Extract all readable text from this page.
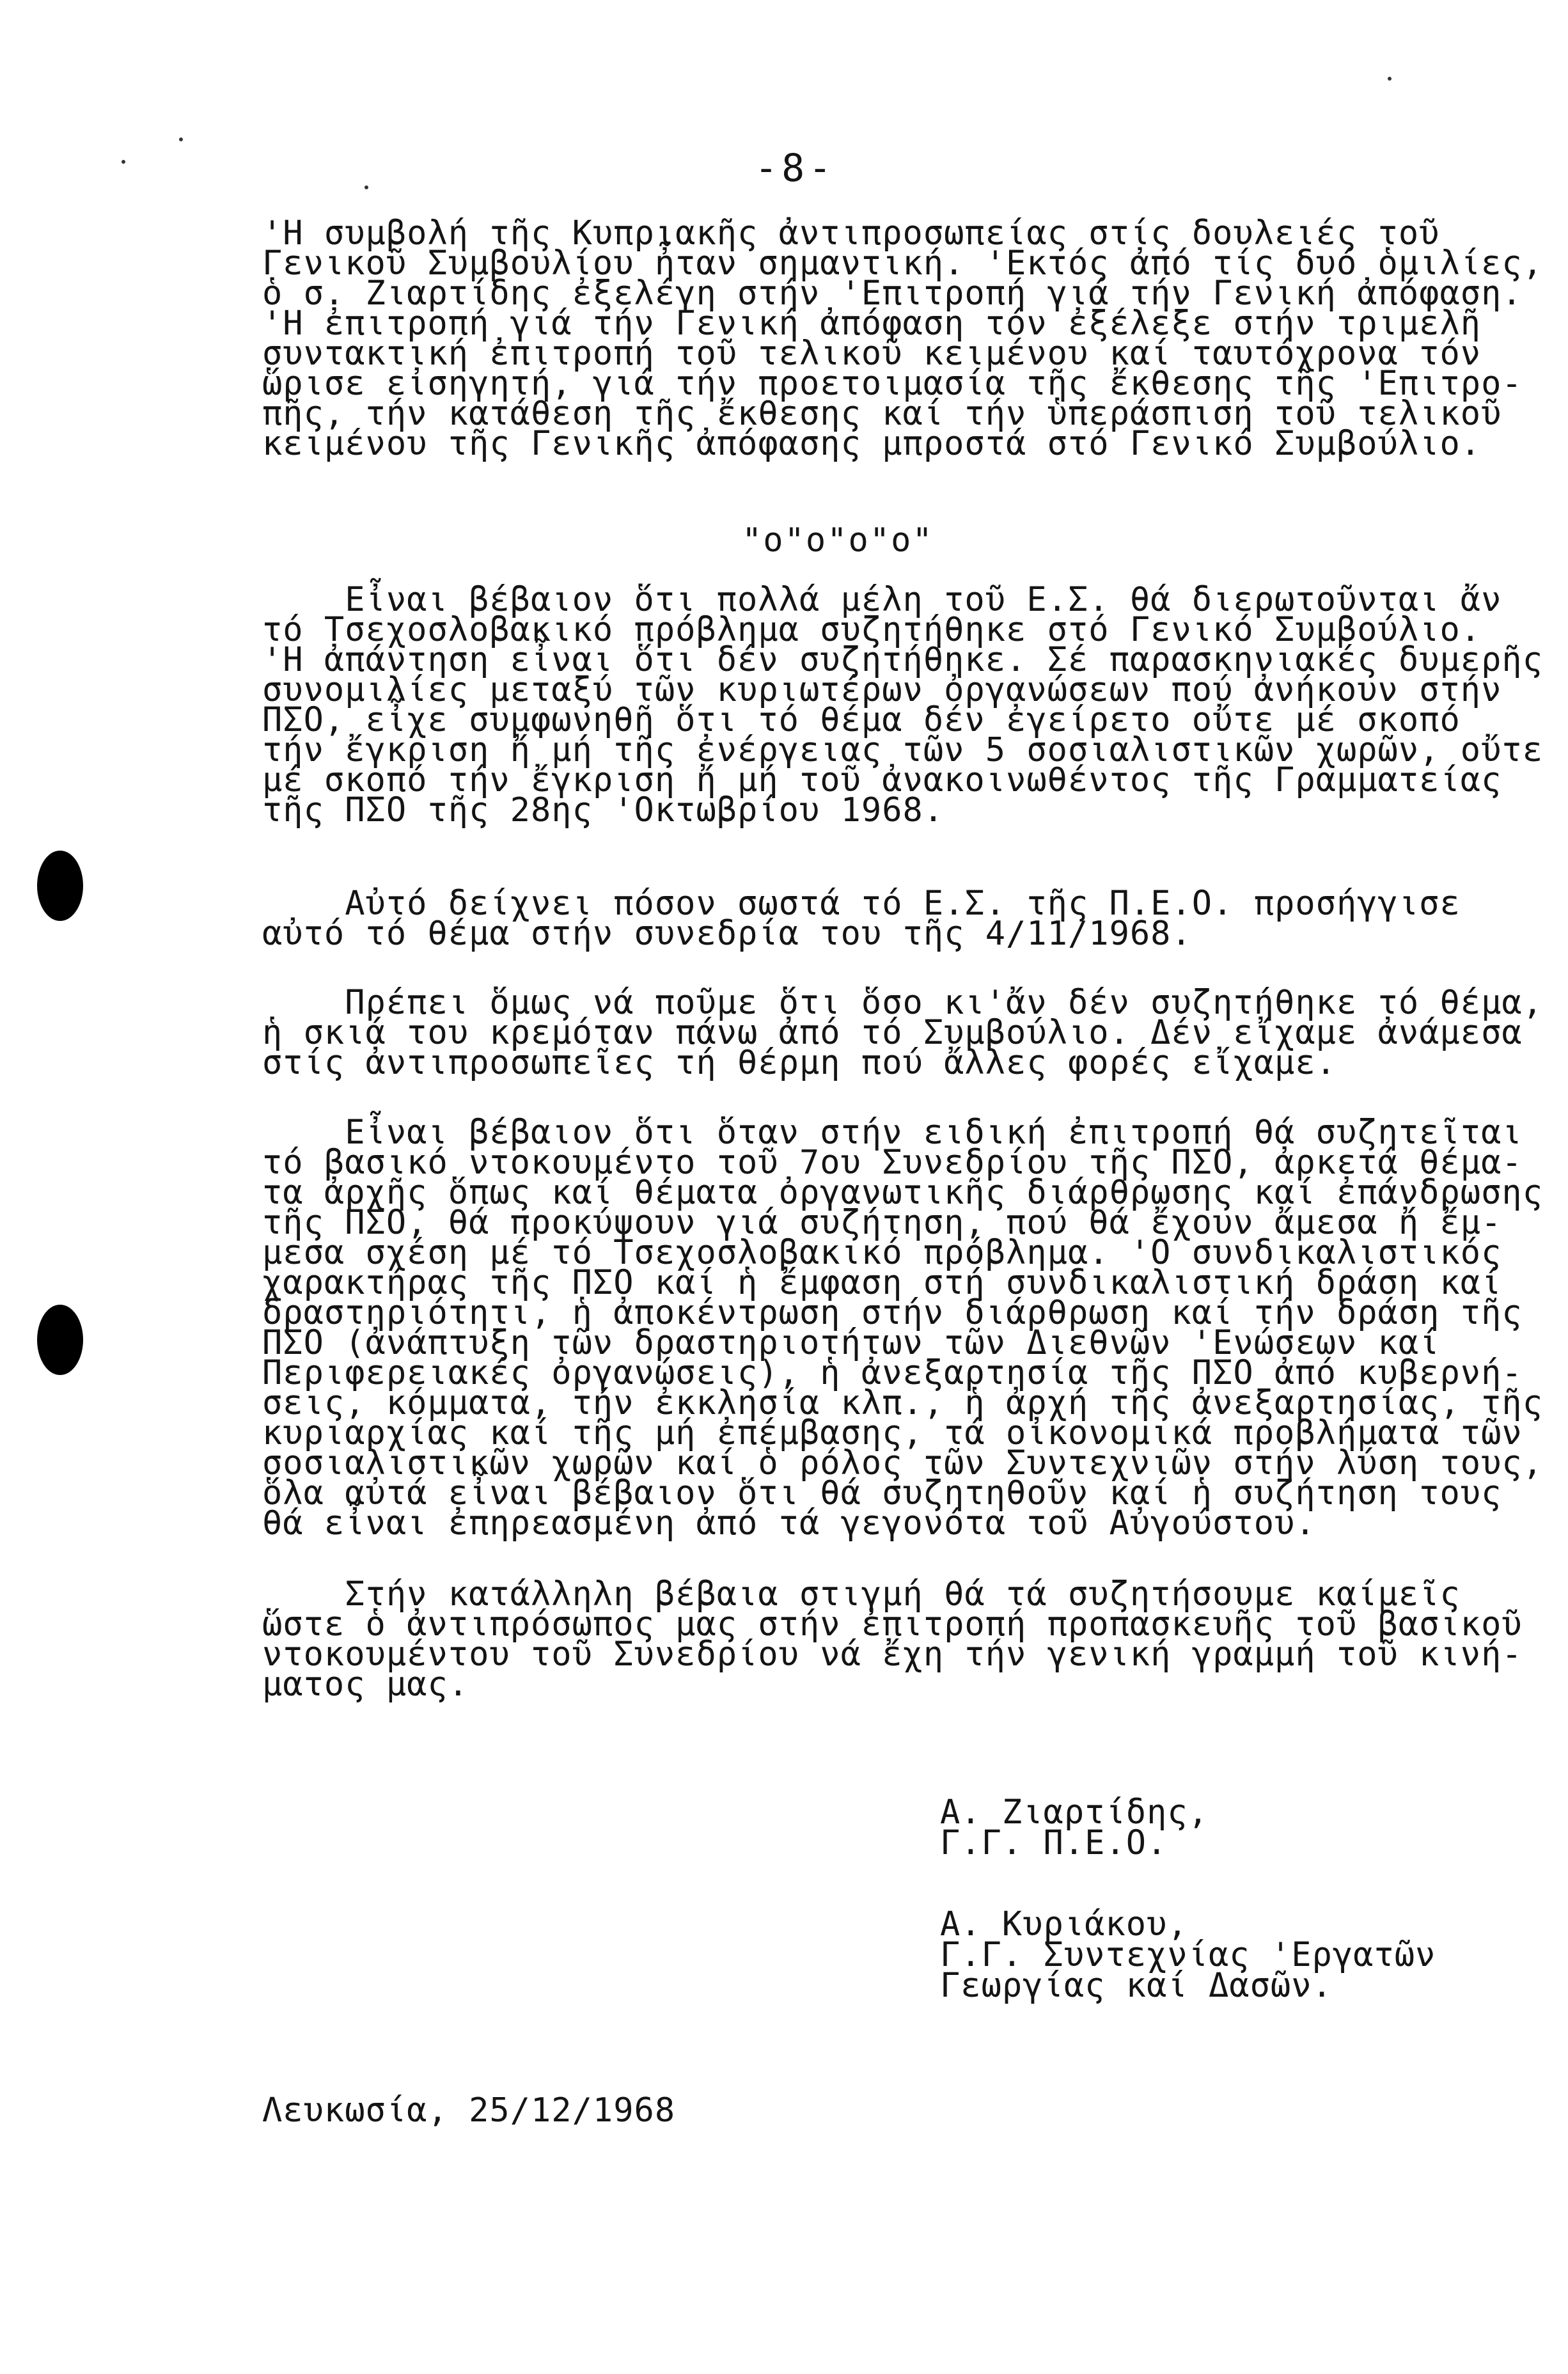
-8-
'Η συμβολή τῆς Κυπριακῆς ἀντιπροσωπείας στίς δουλειές τοῦ
Γενικοῦ Συμβουλίου ἦταν σημαντική. 'Εκτός ἀπό τίς δυό ὁμιλίες,
ὁ σ. Ζιαρτίδης ἐξελέγη στήν 'Επιτροπή γιά τήν Γενική ἀπόφαση.
'Η ἐπιτροπή γιά τήν Γενική ἀπόφαση τόν ἐξέλεξε στήν τριμελῆ
συντακτική ἐπιτροπή τοῦ τελικοῦ κειμένου καί ταυτόχρονα τόν
ὥρισε εἰσηγητή, γιά τήν προετοιμασία τῆς ἔκθεσης τῆς 'Επιτρο-
πῆς, τήν κατάθεση τῆς ἔκθεσης καί τήν ὑπεράσπιση τοῦ τελικοῦ
κειμένου τῆς Γενικῆς ἀπόφασης μπροστά στό Γενικό Συμβούλιο.
"ο"ο"ο"ο"
Εἶναι βέβαιον ὅτι πολλά μέλη τοῦ Ε.Σ. θά διερωτοῦνται ἄν
τό Τσεχοσλοβακικό πρόβλημα συζητήθηκε στό Γενικό Συμβούλιο.
'Η ἀπάντηση εἶναι ὅτι δέν συζητήθηκε. Σέ παρασκηνιακές δυμερῆς
συνομιλίες μεταξύ τῶν κυριωτέρων ὀργανώσεων πού ἀνήκουν στήν
ΠΣΟ, εἶχε συμφωνηθῆ ὅτι τό θέμα δέν ἐγείρετο οὔτε μέ σκοπό
τήν ἔγκριση ἤ μή τῆς ἐνέργειας τῶν 5 σοσιαλιστικῶν χωρῶν, οὔτε
μέ σκοπό τήν ἔγκριση ἤ μή τοῦ ἀνακοινωθέντος τῆς Γραμματείας
τῆς ΠΣΟ τῆς 28ης 'Οκτωβρίου 1968.
Αὐτό δείχνει πόσον σωστά τό Ε.Σ. τῆς Π.Ε.Ο. προσήγγισε
αὐτό τό θέμα στήν συνεδρία του τῆς 4/11/1968.
Πρέπει ὅμως νά ποῦμε ὅτι ὅσο κι'ἄν δέν συζητήθηκε τό θέμα,
ἡ σκιά του κρεμόταν πάνω ἀπό τό Συμβούλιο. Δέν εἴχαμε ἀνάμεσα
στίς ἀντιπροσωπεῖες τή θέρμη πού ἄλλες φορές εἴχαμε.
Εἶναι βέβαιον ὅτι ὅταν στήν ειδική ἐπιτροπή θά συζητεῖται
τό βασικό ντοκουμέντο τοῦ 7ου Συνεδρίου τῆς ΠΣΟ, ἀρκετά θέμα-
τα ἀρχῆς ὅπως καί θέματα ὀργανωτικῆς διάρθρωσης καί ἐπάνδρωσης
τῆς ΠΣΟ, θά προκύψουν γιά συζήτηση, πού θά ἔχουν ἄμεσα ἤ ἔμ-
μεσα σχέση μέ τό Τσεχοσλοβακικό πρόβλημα. 'Ο συνδικαλιστικός
χαρακτήρας τῆς ΠΣΟ καί ἡ ἔμφαση στή συνδικαλιστική δράση καί
δραστηριότητι, ἡ ἀποκέντρωση στήν διάρθρωση καί τήν δράση τῆς
ΠΣΟ (ἀνάπτυξη τῶν δραστηριοτήτων τῶν Διεθνῶν 'Ενώσεων καί
Περιφερειακές ὀργανώσεις), ἡ ἀνεξαρτησία τῆς ΠΣΟ ἀπό κυβερνή-
σεις, κόμματα, τήν ἐκκλησία κλπ., ἡ ἀρχή τῆς ἀνεξαρτησίας, τῆς
κυριαρχίας καί τῆς μή ἐπέμβασης, τά οἰκονομικά προβλήματα τῶν
σοσιαλιστικῶν χωρῶν καί ὁ ρόλος τῶν Συντεχνιῶν στήν λύση τους,
ὅλα αὐτά εἶναι βέβαιον ὅτι θά συζητηθοῦν καί ἡ συζήτηση τους
θά εἶναι ἐπηρεασμένη ἀπό τά γεγονότα τοῦ Αὐγούστου.
Στήν κατάλληλη βέβαια στιγμή θά τά συζητήσουμε καίμεῖς
ὥστε ὁ ἀντιπρόσωπος μας στήν ἐπιτροπή προπασκευῆς τοῦ βασικοῦ
ντοκουμέντου τοῦ Συνεδρίου νά ἔχη τήν γενική γραμμή τοῦ κινή-
ματος μας.
Α. Ζιαρτίδης,
Γ.Γ. Π.Ε.Ο.
Α. Κυριάκου,
Γ.Γ. Συντεχνίας 'Εργατῶν
Γεωργίας καί Δασῶν.
Λευκωσία, 25/12/1968
